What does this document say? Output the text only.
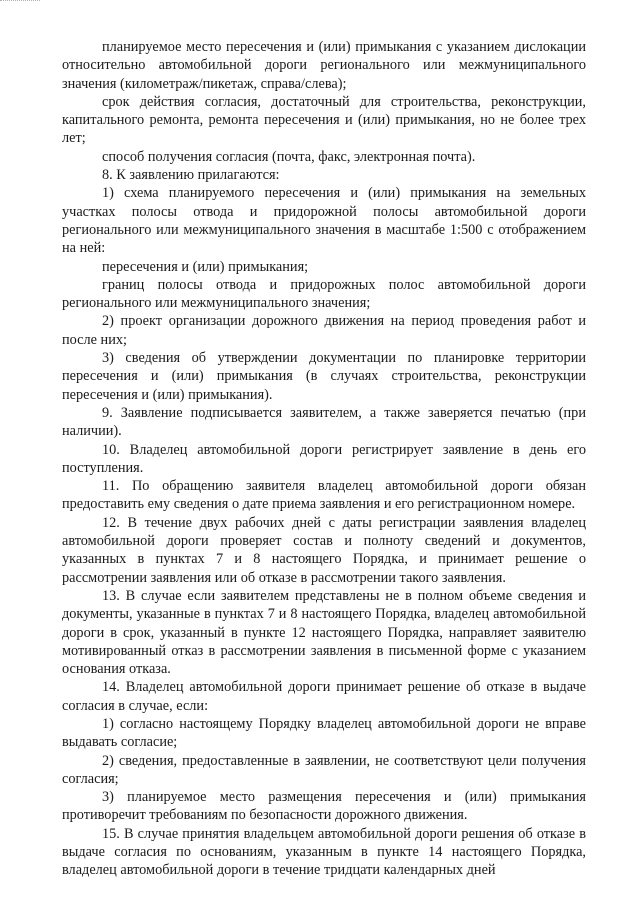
планируемое место пересечения и (или) примыкания с указанием дислокации относительно автомобильной дороги регионального или межмуниципального значения (километраж/пикетаж, справа/слева);

срок действия согласия, достаточный для строительства, реконструкции, капитального ремонта, ремонта пересечения и (или) примыкания, но не более трех лет;

способ получения согласия (почта, факс, электронная почта).

8. К заявлению прилагаются:

1) схема планируемого пересечения и (или) примыкания на земельных участках полосы отвода и придорожной полосы автомобильной дороги регионального или межмуниципального значения в масштабе 1:500 с отображением на ней:

пересечения и (или) примыкания;

границ полосы отвода и придорожных полос автомобильной дороги регионального или межмуниципального значения;

2) проект организации дорожного движения на период проведения работ и после них;

3) сведения об утверждении документации по планировке территории пересечения и (или) примыкания (в случаях строительства, реконструкции пересечения и (или) примыкания).

9. Заявление подписывается заявителем, а также заверяется печатью (при наличии).

10. Владелец автомобильной дороги регистрирует заявление в день его поступления.

11. По обращению заявителя владелец автомобильной дороги обязан предоставить ему сведения о дате приема заявления и его регистрационном номере.

12. В течение двух рабочих дней с даты регистрации заявления владелец автомобильной дороги проверяет состав и полноту сведений и документов, указанных в пунктах 7 и 8 настоящего Порядка, и принимает решение о рассмотрении заявления или об отказе в рассмотрении такого заявления.

13. В случае если заявителем представлены не в полном объеме сведения и документы, указанные в пунктах 7 и 8 настоящего Порядка, владелец автомобильной дороги в срок, указанный в пункте 12 настоящего Порядка, направляет заявителю мотивированный отказ в рассмотрении заявления в письменной форме с указанием основания отказа.

14. Владелец автомобильной дороги принимает решение об отказе в выдаче согласия в случае, если:

1) согласно настоящему Порядку владелец автомобильной дороги не вправе выдавать согласие;

2) сведения, предоставленные в заявлении, не соответствуют цели получения согласия;

3) планируемое место размещения пересечения и (или) примыкания противоречит требованиям по безопасности дорожного движения.

15. В случае принятия владельцем автомобильной дороги решения об отказе в выдаче согласия по основаниям, указанным в пункте 14 настоящего Порядка, владелец автомобильной дороги в течение тридцати календарных дней
